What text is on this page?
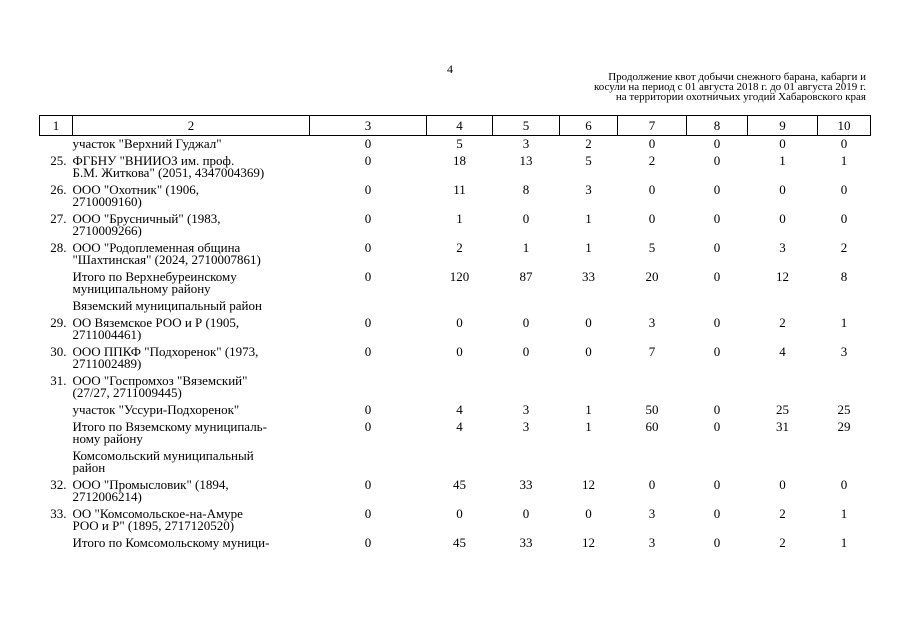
4
Продолжение квот добычи снежного барана, кабарги и
косули на период с 01 августа 2018 г. до 01 августа 2019 г.
на территории охотничьих угодий Хабаровского края
1	2	3	4	5	6	7	8	9	10
	участок "Верхний Гуджал"	0	5	3	2	0	0	0	0
25.	ФГБНУ "ВНИИОЗ им. проф.
Б.М. Житкова" (2051, 4347004369)	0	18	13	5	2	0	1	1
26.	ООО "Охотник" (1906,
2710009160)	0	11	8	3	0	0	0	0
27.	ООО "Брусничный" (1983,
2710009266)	0	1	0	1	0	0	0	0
28.	ООО "Родоплеменная община
"Шахтинская" (2024, 2710007861)	0	2	1	1	5	0	3	2
	Итого по Верхнебуреинскому
муниципальному району	0	120	87	33	20	0	12	8
	Вяземский муниципальный район								
29.	ОО Вяземское РОО и Р (1905,
2711004461)	0	0	0	0	3	0	2	1
30.	ООО ППКФ "Подхоренок" (1973,
2711002489)	0	0	0	0	7	0	4	3
31.	ООО "Госпромхоз "Вяземский"
(27/27, 2711009445)								
	участок "Уссури-Подхоренок"	0	4	3	1	50	0	25	25
	Итого по Вяземскому муниципаль-
ному району	0	4	3	1	60	0	31	29
	Комсомольский муниципальный
район								
32.	ООО "Промысловик" (1894,
2712006214)	0	45	33	12	0	0	0	0
33.	ОО "Комсомольское-на-Амуре
РОО и Р" (1895, 2717120520)	0	0	0	0	3	0	2	1
	Итого по Комсомольскому муници-	0	45	33	12	3	0	2	1
